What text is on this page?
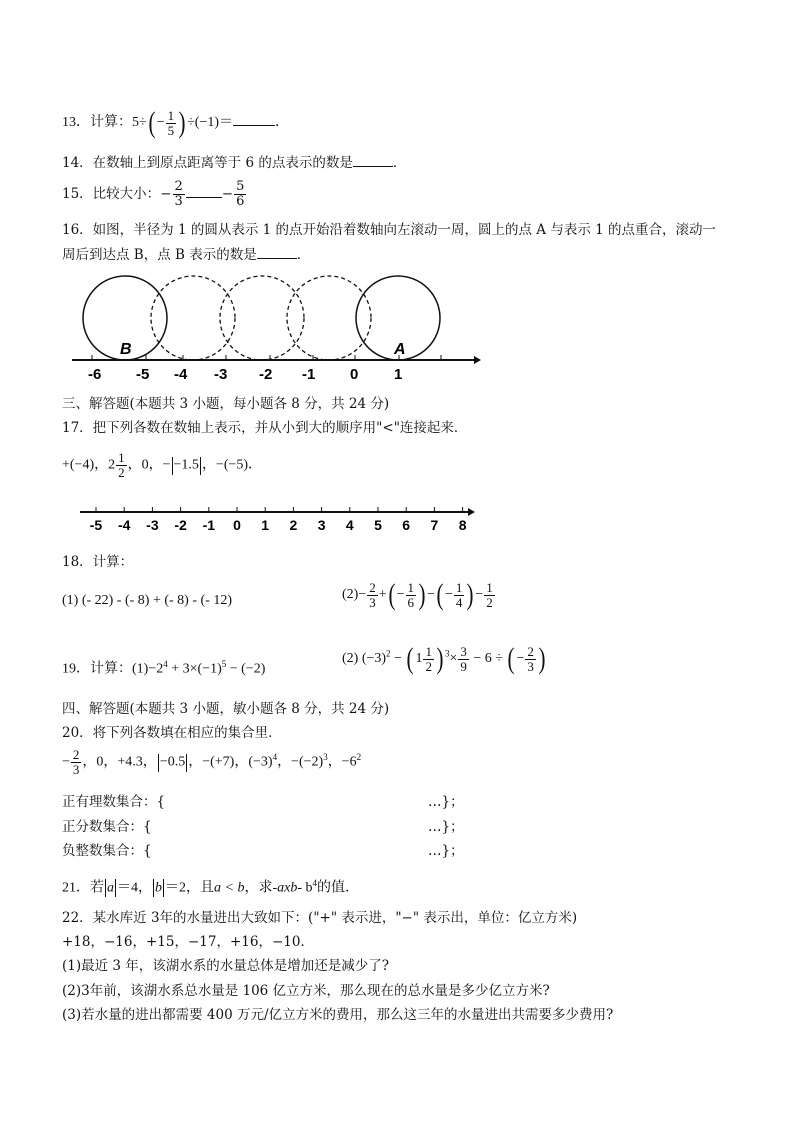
13．计算：$5\div( - \frac{1}{5}$ ) ÷(−1)＝	．
14．在数轴上到原点距离等于 6 的点表示的数是	．
15．比较大小：− $\frac{2}{3}$	− $\frac{5}{6}$
16．如图，半径为 1 的圆从表示 1 的点开始沿着数轴向左滚动一周，圆上的点 A 与表示 1 的点重合，滚动一
周后到达点 B，点 B 表示的数是	．
-6 -5 -4 -3 -2 -1 0 1
B	A
三、解答题(本题共 3 小题，每小题各 8 分，共 24 分)
17．把下列各数在数轴上表示，并从小到大的顺序用"<"连接起来．
+(−4)，$2 \frac{1}{2}$ ，0，− −1.5 ，−(−5)．
-5 -4 -3 -2 -1 0 1 2 3 4 5 6 7 8
18．计算：
(1) (- 22) - (- 8) + (- 8) - (- 12)	$(2)- \frac{2}{3}$ +( − $\frac{1}{6}$ ) −( − $\frac{1}{4}$ ) − $\frac{1}{2}$
19．计算：$(1)-2^4 + 3\times(-1)^5 - (-2)$
(2) $(-3)^2$ − ( $1 \frac{1}{2}$ ) $^3\times \frac{3}{9} - 6$ ÷ ( − $\frac{2}{3}$ )
四、解答题(本题共 3 小题，敏小题各 8 分，共 24 分)
20．将下列各数填在相应的集合里．
− $\frac{2}{3}$ ，0，+4.3， −0.5 ，−(+7)，$(-3)^4$，$-(-2)^3$，$-6^2$
正有理数集合：{	…}；
正分数集合：{	…}；
负整数集合：{	…}；
21．若 a ＝4， b ＝2，且a < b，求-axb- $b^4$的值．
22．某水库近 3年的水量进出大致如下：("+" 表示进，"−" 表示出，单位：亿立方米)
+18，−16，+15，−17，+16，−10．
(1)最近 3 年，该湖水系的水量总体是增加还是减少了?
(2)3年前，该湖水系总水量是 106 亿立方米，那么现在的总水量是多少亿立方米?
(3)若水量的进出都需要 400 万元/亿立方米的费用，那么这三年的水量进出共需要多少费用?
